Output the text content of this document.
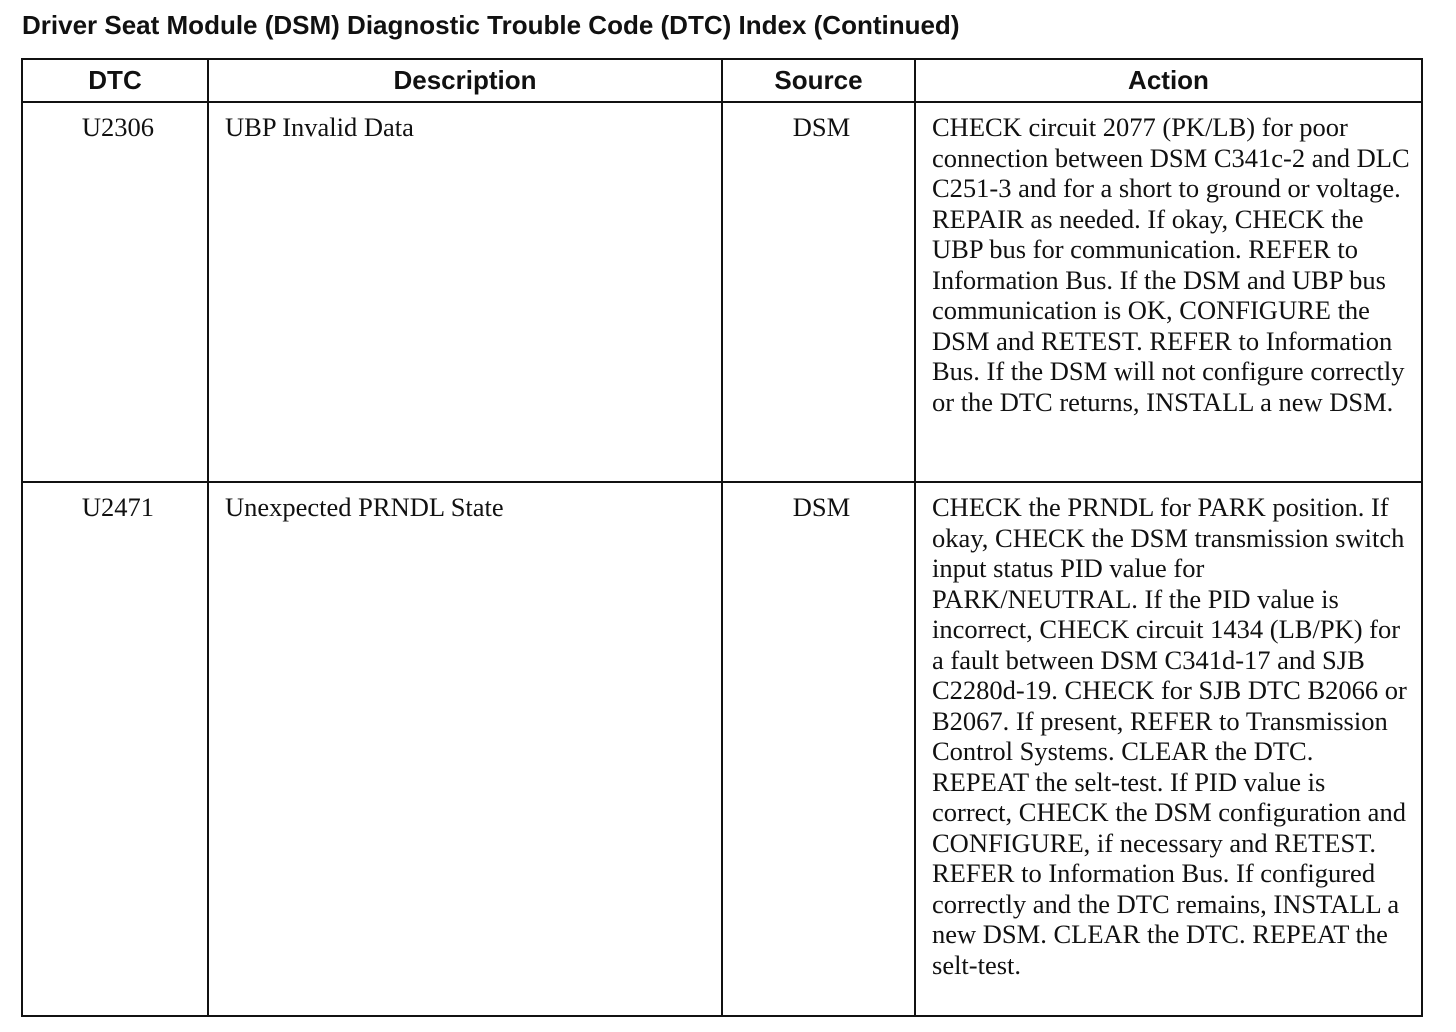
Driver Seat Module (DSM) Diagnostic Trouble Code (DTC) Index (Continued)
DTC	Description	Source	Action
U2306	UBP Invalid Data	DSM	CHECK circuit 2077 (PK/LB) for poor connection between DSM C341c-2 and DLC C251-3 and for a short to ground or voltage. REPAIR as needed. If okay, CHECK the UBP bus for communication. REFER to Information Bus. If the DSM and UBP bus communication is OK, CONFIGURE the DSM and RETEST. REFER to Information Bus. If the DSM will not configure correctly or the DTC returns, INSTALL a new DSM.
U2471	Unexpected PRNDL State	DSM	CHECK the PRNDL for PARK position. If okay, CHECK the DSM transmission switch input status PID value for PARK/NEUTRAL. If the PID value is incorrect, CHECK circuit 1434 (LB/PK) for a fault between DSM C341d-17 and SJB C2280d-19. CHECK for SJB DTC B2066 or B2067. If present, REFER to Transmission Control Systems. CLEAR the DTC. REPEAT the selt-test. If PID value is correct, CHECK the DSM configuration and CONFIGURE, if necessary and RETEST. REFER to Information Bus. If configured correctly and the DTC remains, INSTALL a new DSM. CLEAR the DTC. REPEAT the selt-test.
